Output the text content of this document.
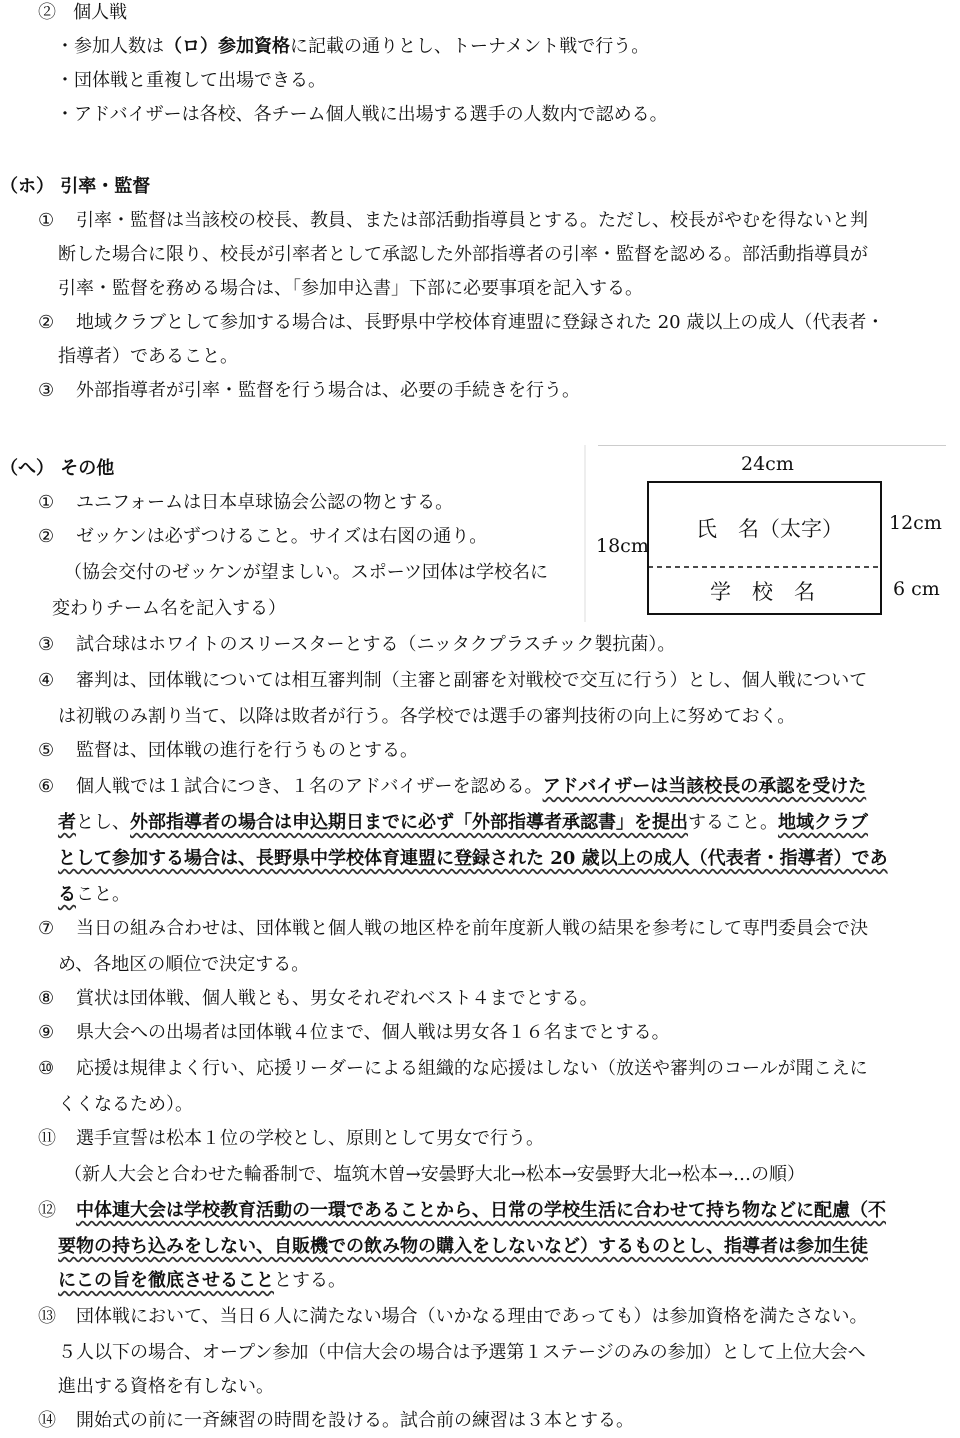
② 個人戦
・参加人数は（ロ）参加資格に記載の通りとし、トーナメント戦で行う。
・団体戦と重複して出場できる。
・アドバイザーは各校、各チーム個人戦に出場する選手の人数内で認める。
（ホ） 引率・監督
① 引率・監督は当該校の校長、教員、または部活動指導員とする。ただし、校長がやむを得ないと判
断した場合に限り、校長が引率者として承認した外部指導者の引率・監督を認める。部活動指導員が
引率・監督を務める場合は、「参加申込書」下部に必要事項を記入する。
② 地域クラブとして参加する場合は、長野県中学校体育連盟に登録された 20 歳以上の成人（代表者・
指導者）であること。
③ 外部指導者が引率・監督を行う場合は、必要の手続きを行う。
（へ） その他
① ユニフォームは日本卓球協会公認の物とする。
② ゼッケンは必ずつけること。サイズは右図の通り。
（協会交付のゼッケンが望ましい。スポーツ団体は学校名に
変わりチーム名を記入する）
24cm
18cm
12cm
6 cm
氏　名（太字）
学　校　名
③ 試合球はホワイトのスリースターとする（ニッタクプラスチック製抗菌）。
④ 審判は、団体戦については相互審判制（主審と副審を対戦校で交互に行う）とし、個人戦について
は初戦のみ割り当て、以降は敗者が行う。各学校では選手の審判技術の向上に努めておく。
⑤ 監督は、団体戦の進行を行うものとする。
⑥ 個人戦では１試合につき、１名のアドバイザーを認める。アドバイザーは当該校長の承認を受けた
者とし、外部指導者の場合は申込期日までに必ず「外部指導者承認書」を提出すること。地域クラブ
として参加する場合は、長野県中学校体育連盟に登録された 20 歳以上の成人（代表者・指導者）であ
ること。
⑦ 当日の組み合わせは、団体戦と個人戦の地区枠を前年度新人戦の結果を参考にして専門委員会で決
め、各地区の順位で決定する。
⑧ 賞状は団体戦、個人戦とも、男女それぞれベスト４までとする。
⑨ 県大会への出場者は団体戦４位まで、個人戦は男女各１６名までとする。
⑩ 応援は規律よく行い、応援リーダーによる組織的な応援はしない（放送や審判のコールが聞こえに
くくなるため）。
⑪ 選手宣誓は松本１位の学校とし、原則として男女で行う。
（新人大会と合わせた輪番制で、塩筑木曽→安曇野大北→松本→安曇野大北→松本→…の順）
⑫ 中体連大会は学校教育活動の一環であることから、日常の学校生活に合わせて持ち物などに配慮（不
要物の持ち込みをしない、自販機での飲み物の購入をしないなど）するものとし、指導者は参加生徒
にこの旨を徹底させることとする。
⑬ 団体戦において、当日６人に満たない場合（いかなる理由であっても）は参加資格を満たさない。
５人以下の場合、オープン参加（中信大会の場合は予選第１ステージのみの参加）として上位大会へ
進出する資格を有しない。
⑭ 開始式の前に一斉練習の時間を設ける。試合前の練習は３本とする。
